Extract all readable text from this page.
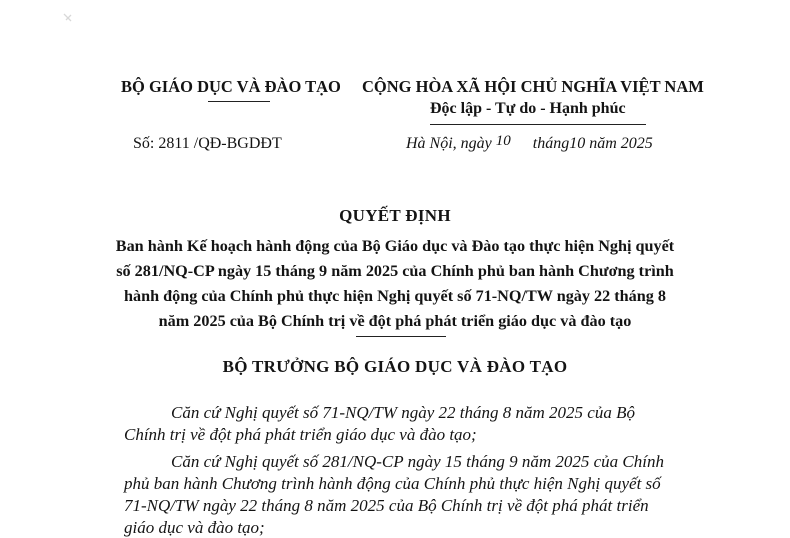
BỘ GIÁO DỤC VÀ ĐÀO TẠO CỘNG HÒA XÃ HỘI CHỦ NGHĨA VIỆT NAM
Độc lập - Tự do - Hạnh phúc
Số: 2811 /QĐ-BGDĐT	Hà Nội, ngày 10 tháng10 năm 2025
QUYẾT ĐỊNH
Ban hành Kế hoạch hành động của Bộ Giáo dục và Đào tạo thực hiện Nghị quyết
số 281/NQ-CP ngày 15 tháng 9 năm 2025 của Chính phủ ban hành Chương trình
hành động của Chính phủ thực hiện Nghị quyết số 71-NQ/TW ngày 22 tháng 8
năm 2025 của Bộ Chính trị về đột phá phát triển giáo dục và đào tạo
BỘ TRƯỞNG BỘ GIÁO DỤC VÀ ĐÀO TẠO
Căn cứ Nghị quyết số 71-NQ/TW ngày 22 tháng 8 năm 2025 của Bộ
Chính trị về đột phá phát triển giáo dục và đào tạo;
Căn cứ Nghị quyết số 281/NQ-CP ngày 15 tháng 9 năm 2025 của Chính
phủ ban hành Chương trình hành động của Chính phủ thực hiện Nghị quyết số
71-NQ/TW ngày 22 tháng 8 năm 2025 của Bộ Chính trị về đột phá phát triển
giáo dục và đào tạo;
